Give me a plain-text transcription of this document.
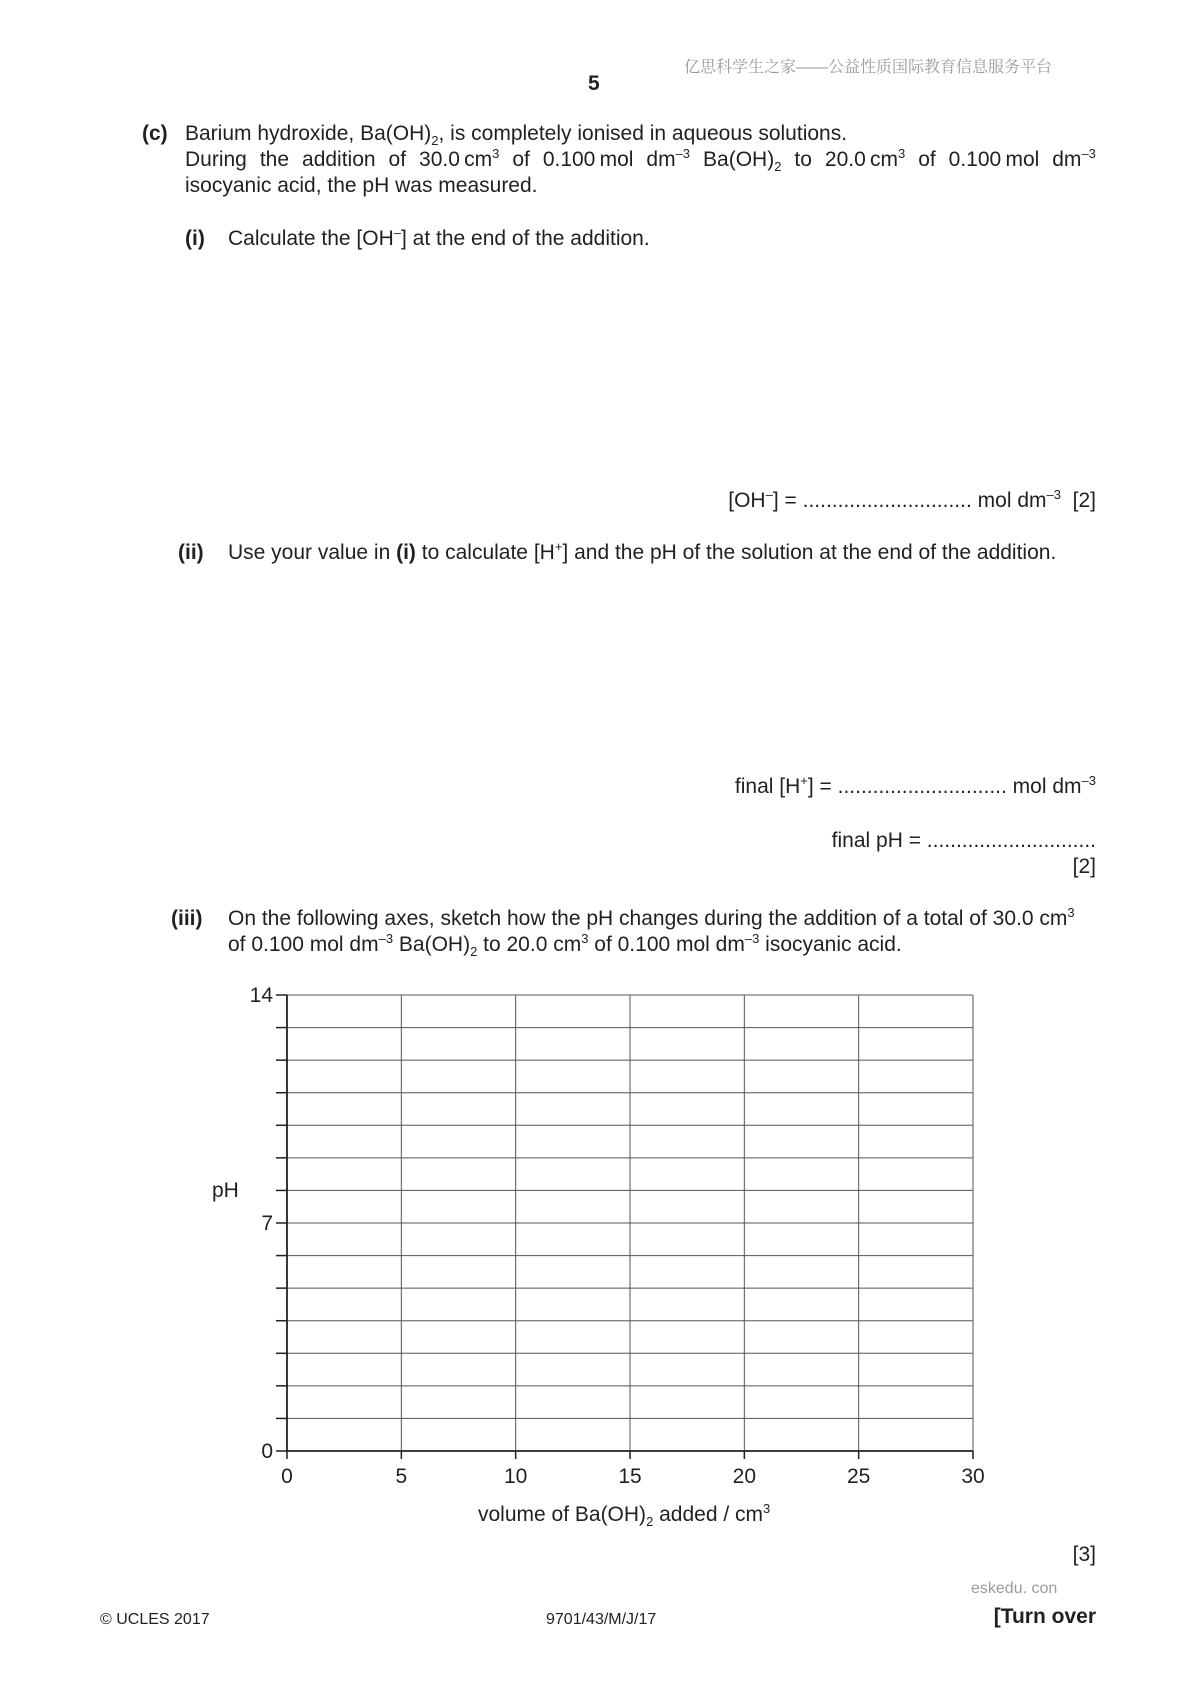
亿思科学生之家——公益性质国际教育信息服务平台
5
(c) Barium hydroxide, $Ba(OH)_2$, is completely ionised in aqueous solutions.
During the addition of 30.0  $cm^3$ of 0.100  mol $dm^{-3}$ $Ba(OH)_2$ to 20.0  $cm^3$ of 0.100  mol $dm^{-3}$
isocyanic acid, the pH was measured.
(i) Calculate the [OH–] at the end of the addition.
[OH–] = ............................. mol $dm^{-3}$ [2]
(ii) Use your value in (i) to calculate [H+] and the pH of the solution at the end of the addition.
final [H+] = ............................. mol $dm^{-3}$
final pH = .............................
[2]
(iii) On the following axes, sketch how the pH changes during the addition of a total of 30.0 $cm^3$
of 0.100 mol $dm^{-3}$ $Ba(OH)_2$ to 20.0 $cm^3$ of 0.100 mol $dm^{-3}$ isocyanic acid.
0	5	10	15	20	25	30
0
7
14
pH
volume of $Ba(OH)_2$ added / $cm^3$
[3]
eskedu. con
© UCLES 2017	9701/43/M/J/17	[Turn over
